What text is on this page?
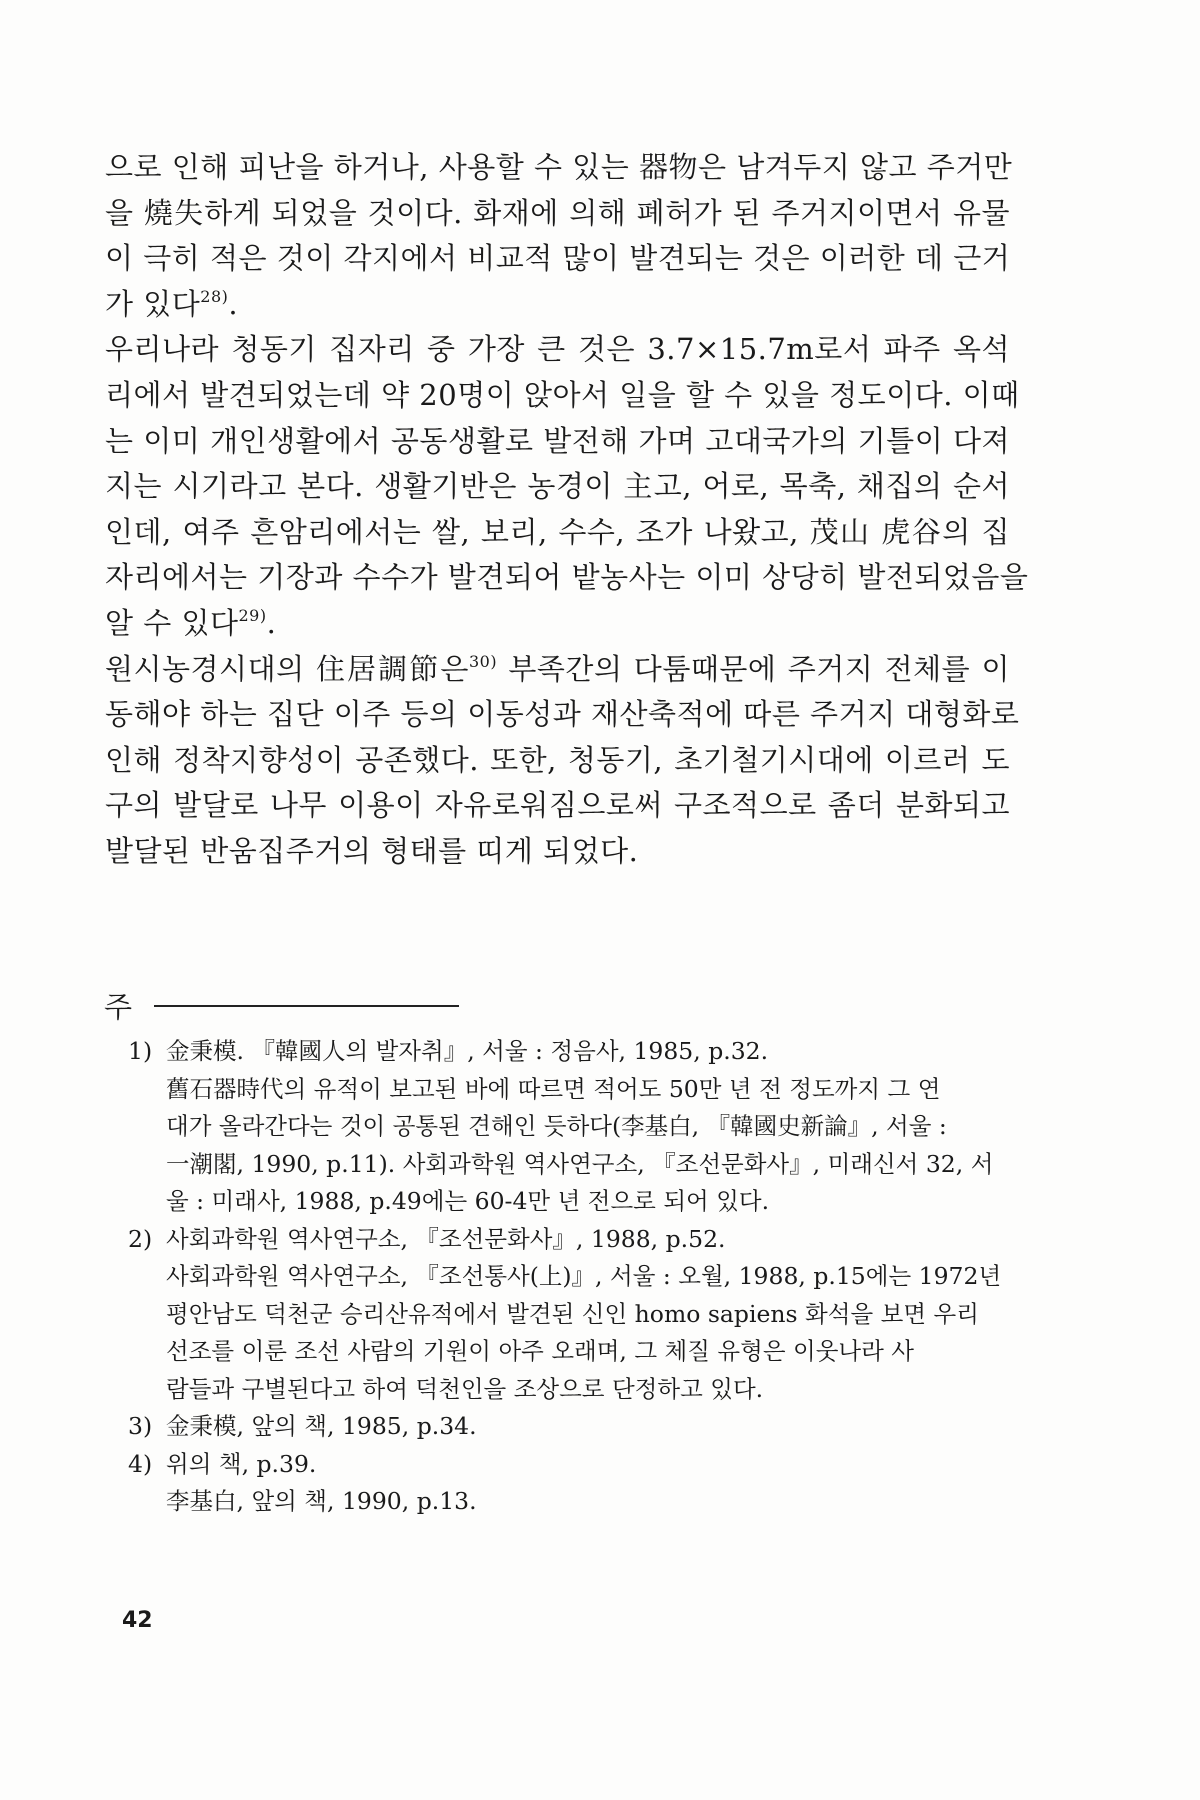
으로 인해 피난을 하거나, 사용할 수 있는 器物은 남겨두지 않고 주거만
을 燒失하게 되었을 것이다. 화재에 의해 폐허가 된 주거지이면서 유물
이 극히 적은 것이 각지에서 비교적 많이 발견되는 것은 이러한 데 근거
가 있다$^{28)}$.
우리나라 청동기 집자리 중 가장 큰 것은 3.7×15.7m로서 파주 옥석
리에서 발견되었는데 약 20명이 앉아서 일을 할 수 있을 정도이다. 이때
는 이미 개인생활에서 공동생활로 발전해 가며 고대국가의 기틀이 다져
지는 시기라고 본다. 생활기반은 농경이 主고, 어로, 목축, 채집의 순서
인데, 여주 흔암리에서는 쌀, 보리, 수수, 조가 나왔고, 茂山 虎谷의 집
자리에서는 기장과 수수가 발견되어 밭농사는 이미 상당히 발전되었음을
알 수 있다$^{29)}$.
원시농경시대의 住居調節은$^{30)}$ 부족간의 다툼때문에 주거지 전체를 이
동해야 하는 집단 이주 등의 이동성과 재산축적에 따른 주거지 대형화로
인해 정착지향성이 공존했다. 또한, 청동기, 초기철기시대에 이르러 도
구의 발달로 나무 이용이 자유로워짐으로써 구조적으로 좀더 분화되고
발달된 반움집주거의 형태를 띠게 되었다.
주
1) 金秉模. 『韓國人의 발자취』, 서울 : 정음사, 1985, p.32.
舊石器時代의 유적이 보고된 바에 따르면 적어도 50만 년 전 정도까지 그 연
대가 올라간다는 것이 공통된 견해인 듯하다(李基白, 『韓國史新論』, 서울 :
一潮閣, 1990, p.11). 사회과학원 역사연구소, 『조선문화사』, 미래신서 32, 서
울 : 미래사, 1988, p.49에는 60-4만 년 전으로 되어 있다.
2) 사회과학원 역사연구소, 『조선문화사』, 1988, p.52.
사회과학원 역사연구소, 『조선통사(上)』, 서울 : 오월, 1988, p.15에는 1972년
평안남도 덕천군 승리산유적에서 발견된 신인 homo sapiens 화석을 보면 우리
선조를 이룬 조선 사람의 기원이 아주 오래며, 그 체질 유형은 이웃나라 사
람들과 구별된다고 하여 덕천인을 조상으로 단정하고 있다.
3) 金秉模, 앞의 책, 1985, p.34.
4) 위의 책, p.39.
李基白, 앞의 책, 1990, p.13.
42
